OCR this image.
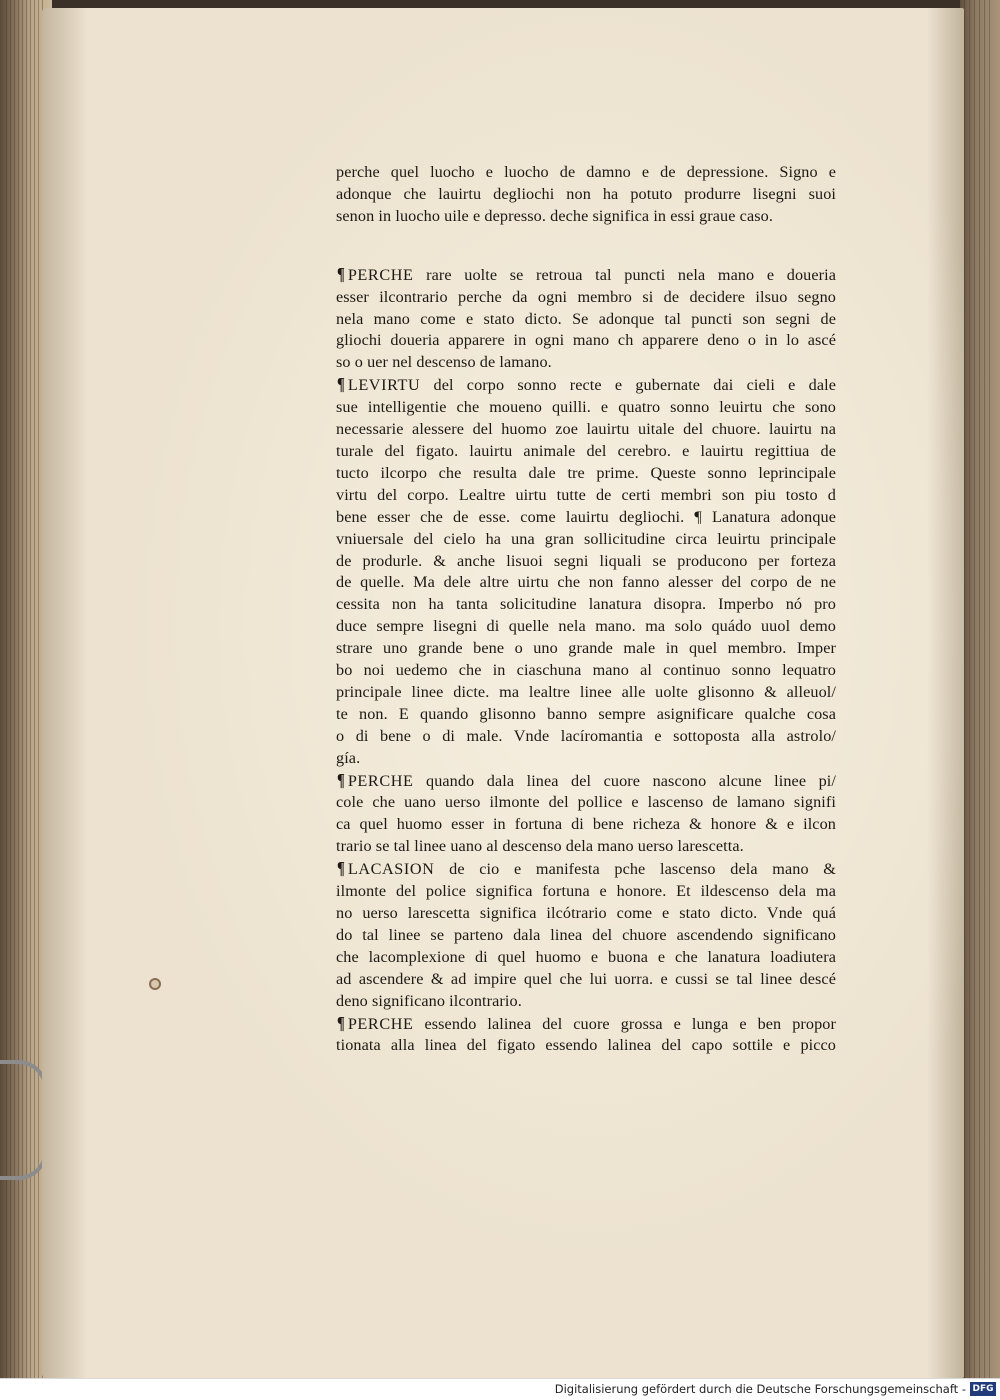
perche quel luocho e luocho de damno e de depressione. Signo e
adonque che lauirtu degliochi non ha potuto produrre lisegni suoi
senon in luocho uile e depresso. deche significa in essi graue caso.

¶ PERCHE rare uolte se retroua tal puncti nela mano e doueria
esser ilcontrario perche da ogni membro si de decidere ilsuo segno
nela mano come e stato dicto. Se adonque tal puncti son segni de
gliochi doueria apparere in ogni mano ch apparere deno o in lo ascé
so o uer nel descenso de lamano.

¶ LEVIRTU del corpo sonno recte e gubernate dai cieli e dale
sue intelligentie che moueno quilli. e quatro sonno leuirtu che sono
necessarie alessere del huomo zoe lauirtu uitale del chuore. lauirtu na
turale del figato. lauirtu animale del cerebro. e lauirtu regittiua de
tucto ilcorpo che resulta dale tre prime. Queste sonno leprincipale
virtu del corpo. Lealtre uirtu tutte de certi membri son piu tosto d
bene esser che de esse. come lauirtu degliochi. ¶ Lanatura adonque
vniuersale del cielo ha una gran sollicitudine circa leuirtu principale
de produrle. & anche lisuoi segni liquali se producono per forteza
de quelle. Ma dele altre uirtu che non fanno alesser del corpo de ne
cessita non ha tanta solicitudine lanatura disopra. Imperbo nó pro
duce sempre lisegni di quelle nela mano. ma solo quádo uuol demo
strare uno grande bene o uno grande male in quel membro. Imper
bo noi uedemo che in ciaschuna mano al continuo sonno lequatro
principale linee dicte. ma lealtre linee alle uolte glisonno & alleuol/
te non. E quando glisonno banno sempre asignificare qualche cosa
o di bene o di male. Vnde lacíromantia e sottoposta alla astrolo/
gía.

¶ PERCHE quando dala linea del cuore nascono alcune linee pi/
cole che uano uerso ilmonte del pollice e lascenso de lamano signifi
ca quel huomo esser in fortuna di bene richeza & honore & e ilcon
trario se tal linee uano al descenso dela mano uerso larescetta.

¶ LACASION de cio e manifesta pche lascenso dela mano &
ilmonte del police significa fortuna e honore. Et ildescenso dela ma
no uerso larescetta significa ilcótrario come e stato dicto. Vnde quá
do tal linee se parteno dala linea del chuore ascendendo significano
che lacomplexione di quel huomo e buona e che lanatura loadiutera
ad ascendere & ad impire quel che lui uorra. e cussi se tal linee descé
deno significano ilcontrario.

¶ PERCHE essendo lalinea del cuore grossa e lunga e ben propor
tionata alla linea del figato essendo lalinea del capo sottile e picco

Digitalisierung gefördert durch die Deutsche Forschungsgemeinschaft - DFG
